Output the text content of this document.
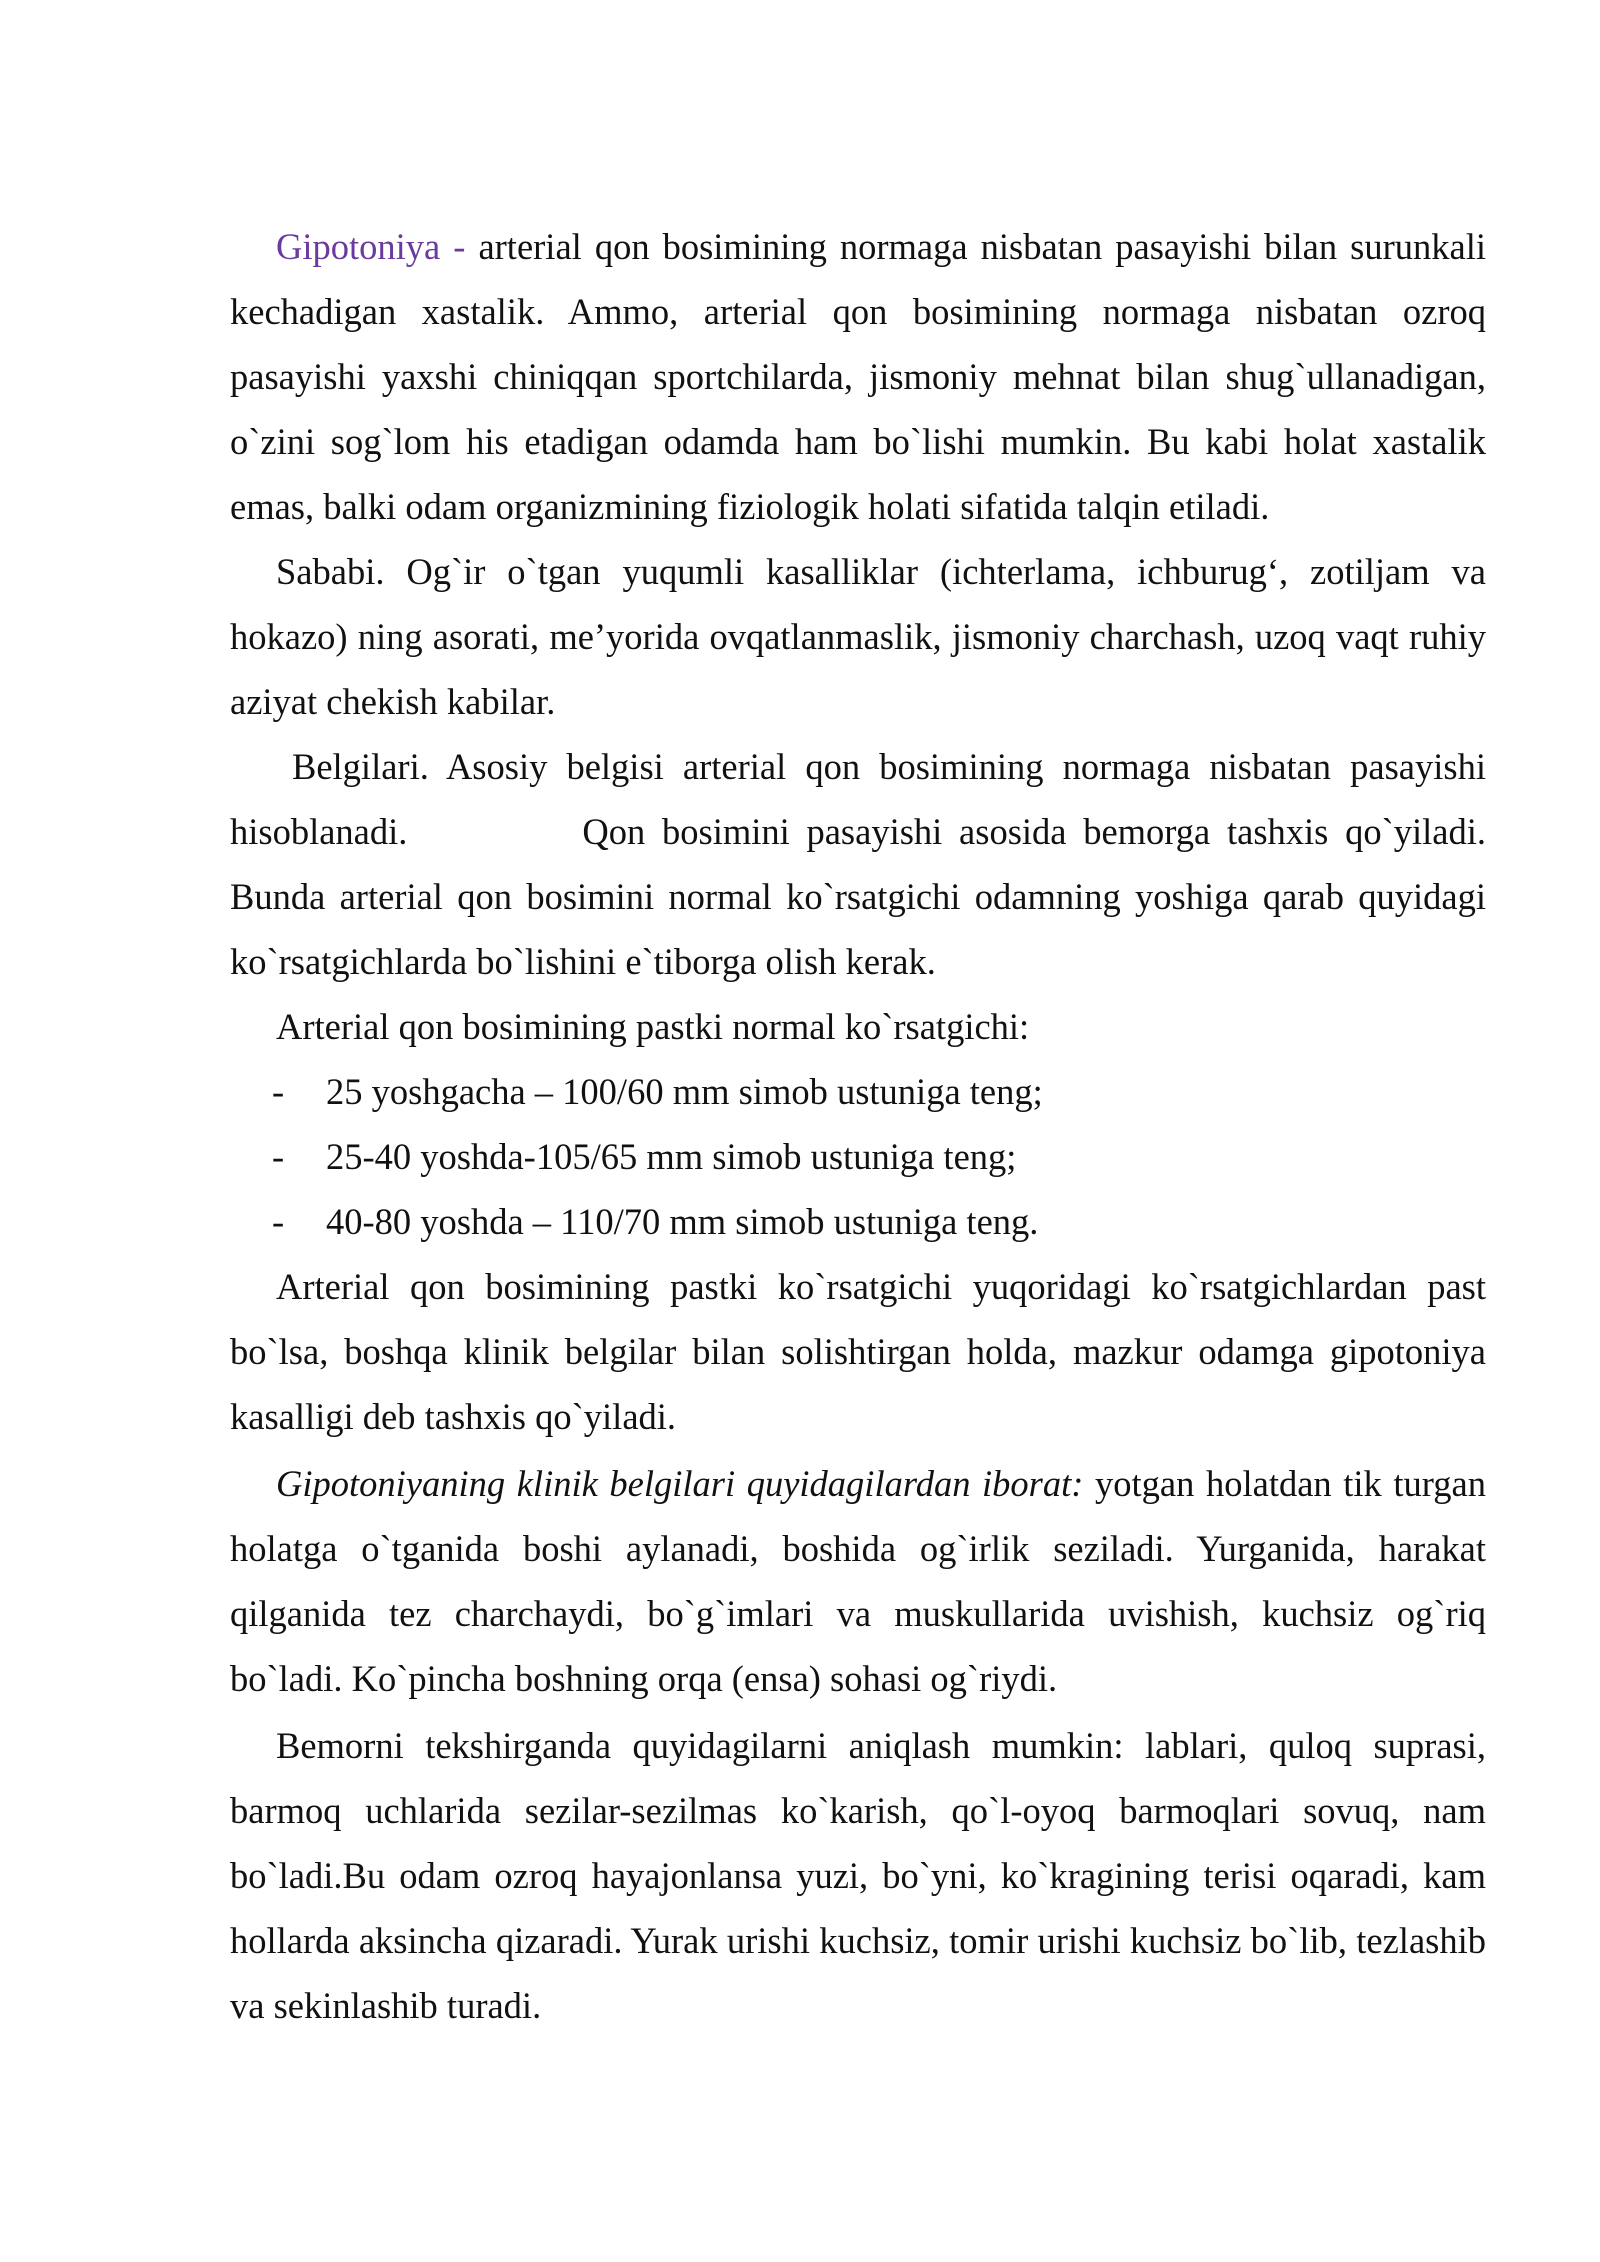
Gipotoniya - arterial qon bosimining normaga nisbatan pasayishi bilan surunkali kechadigan xastalik. Ammo, arterial qon bosimining normaga nisbatan ozroq pasayishi yaxshi chiniqqan sportchilarda, jismoniy mehnat bilan shug`ullanadigan, o`zini sog`lom his etadigan odamda ham bo`lishi mumkin. Bu kabi holat xastalik emas, balki odam organizmining fiziologik holati sifatida talqin etiladi.

Sababi. Og`ir o`tgan yuqumli kasalliklar (ichterlama, ichburug‘, zotiljam va hokazo) ning asorati, me’yorida ovqatlanmaslik, jismoniy charchash, uzoq vaqt ruhiy aziyat chekish kabilar.

Belgilari. Asosiy belgisi arterial qon bosimining normaga nisbatan pasayishi hisoblanadi.	Qon bosimini pasayishi asosida bemorga tashxis qo`yiladi. Bunda arterial qon bosimini normal ko`rsatgichi odamning yoshiga qarab quyidagi ko`rsatgichlarda bo`lishini e`tiborga olish kerak.

Arterial qon bosimining pastki normal ko`rsatgichi:

- 25 yoshgacha – 100/60 mm simob ustuniga teng;
- 25-40 yoshda-105/65 mm simob ustuniga teng;
- 40-80 yoshda – 110/70 mm simob ustuniga teng.

Arterial qon bosimining pastki ko`rsatgichi yuqoridagi ko`rsatgichlardan past bo`lsa, boshqa klinik belgilar bilan solishtirgan holda, mazkur odamga gipotoniya kasalligi deb tashxis qo`yiladi.

Gipotoniyaning klinik belgilari quyidagilardan iborat: yotgan holatdan tik turgan holatga o`tganida boshi aylanadi, boshida og`irlik seziladi. Yurganida, harakat qilganida tez charchaydi, bo`g`imlari va muskullarida uvishish, kuchsiz og`riq bo`ladi. Ko`pincha boshning orqa (ensa) sohasi og`riydi.

Bemorni tekshirganda quyidagilarni aniqlash mumkin: lablari, quloq suprasi, barmoq uchlarida sezilar-sezilmas ko`karish, qo`l-oyoq barmoqlari sovuq, nam bo`ladi.Bu odam ozroq hayajonlansa yuzi, bo`yni, ko`kragining terisi oqaradi, kam hollarda aksincha qizaradi. Yurak urishi kuchsiz, tomir urishi kuchsiz bo`lib, tezlashib va sekinlashib turadi.
